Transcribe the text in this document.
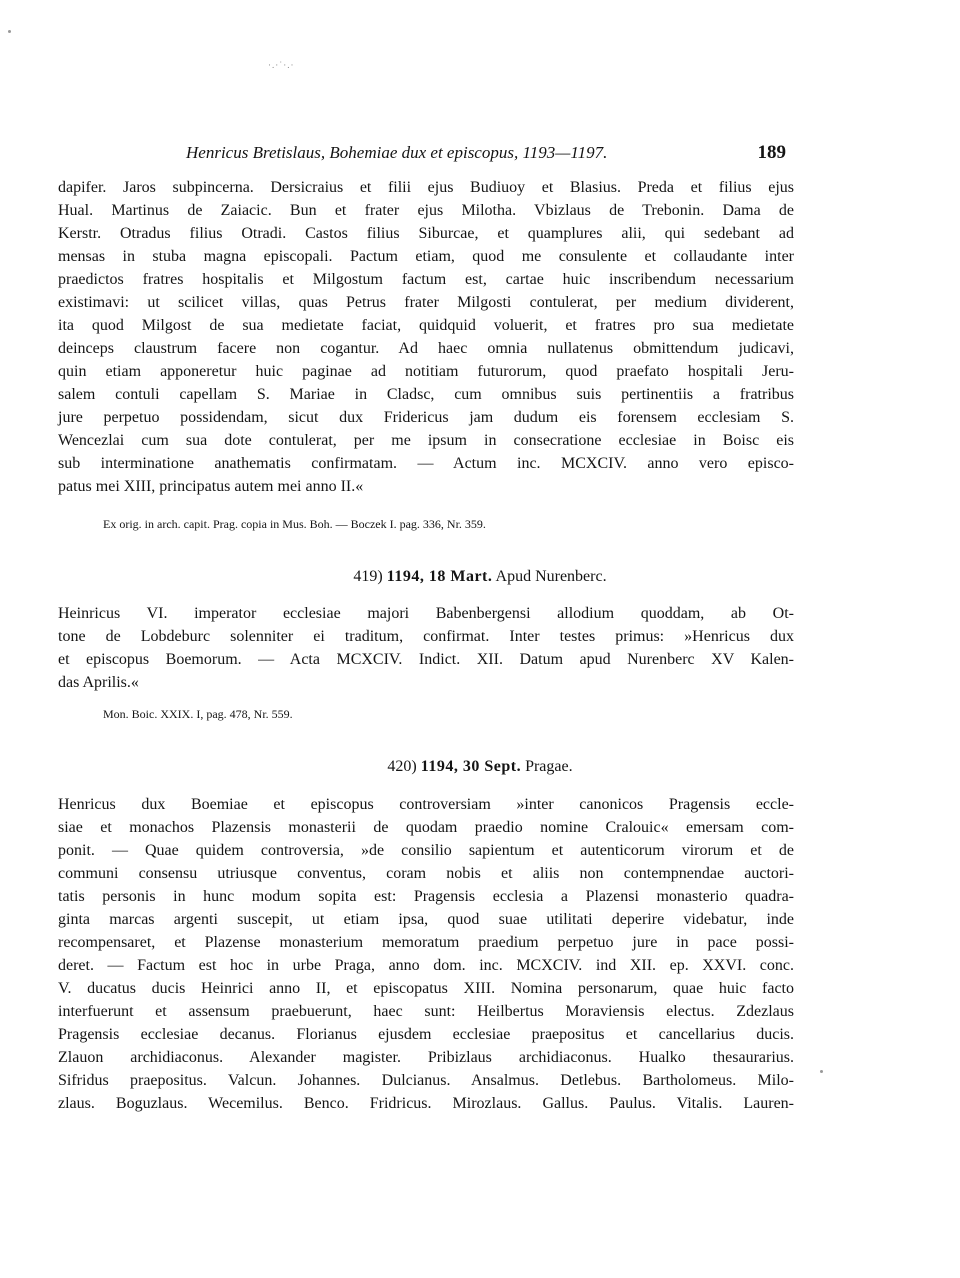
·.·˙·.·
Henricus Bretislaus, Bohemiae dux et episcopus, 1193—1197.	189
dapifer. Jaros subpincerna. Dersicraius et filii ejus Budiuoy et Blasius. Preda et filius ejus
Hual. Martinus de Zaiacic. Bun et frater ejus Milotha. Vbizlaus de Trebonin. Dama de
Kerstr. Otradus filius Otradi. Castos filius Siburcae, et quamplures alii, qui sedebant ad
mensas in stuba magna episcopali. Pactum etiam, quod me consulente et collaudante inter
praedictos fratres hospitalis et Milgostum factum est, cartae huic inscribendum necessarium
existimavi: ut scilicet villas, quas Petrus frater Milgosti contulerat, per medium dividerent,
ita quod Milgost de sua medietate faciat, quidquid voluerit, et fratres pro sua medietate
deinceps claustrum facere non cogantur. Ad haec omnia nullatenus obmittendum judicavi,
quin etiam apponeretur huic paginae ad notitiam futurorum, quod praefato hospitali Jeru-
salem contuli capellam S. Mariae in Cladsc, cum omnibus suis pertinentiis a fratribus
jure perpetuo possidendam, sicut dux Fridericus jam dudum eis forensem ecclesiam S.
Wencezlai cum sua dote contulerat, per me ipsum in consecratione ecclesiae in Boisc eis
sub interminatione anathematis confirmatam. — Actum inc. MCXCIV. anno vero episco-
patus mei XIII, principatus autem mei anno II.«
Ex orig. in arch. capit. Prag. copia in Mus. Boh. — Boczek I. pag. 336, Nr. 359.
419) 1194, 18 Mart. Apud Nurenberc.
Heinricus VI. imperator ecclesiae majori Babenbergensi allodium quoddam, ab Ot-
tone de Lobdeburc solenniter ei traditum, confirmat. Inter testes primus: »Henricus dux
et episcopus Boemorum. — Acta MCXCIV. Indict. XII. Datum apud Nurenberc XV Kalen-
das Aprilis.«
Mon. Boic. XXIX. I, pag. 478, Nr. 559.
420) 1194, 30 Sept. Pragae.
Henricus dux Boemiae et episcopus controversiam »inter canonicos Pragensis eccle-
siae et monachos Plazensis monasterii de quodam praedio nomine Cralouic« emersam com-
ponit. — Quae quidem controversia, »de consilio sapientum et autenticorum virorum et de
communi consensu utriusque conventus, coram nobis et aliis non contempnendae auctori-
tatis personis in hunc modum sopita est: Pragensis ecclesia a Plazensi monasterio quadra-
ginta marcas argenti suscepit, ut etiam ipsa, quod suae utilitati deperire videbatur, inde
recompensaret, et Plazense monasterium memoratum praedium perpetuo jure in pace possi-
deret. — Factum est hoc in urbe Praga, anno dom. inc. MCXCIV. ind XII. ep. XXVI. conc.
V. ducatus ducis Heinrici anno II, et episcopatus XIII. Nomina personarum, quae huic facto
interfuerunt et assensum praebuerunt, haec sunt: Heilbertus Moraviensis electus. Zdezlaus
Pragensis ecclesiae decanus. Florianus ejusdem ecclesiae praepositus et cancellarius ducis.
Zlauon archidiaconus. Alexander magister. Pribizlaus archidiaconus. Hualko thesaurarius.
Sifridus praepositus. Valcun. Johannes. Dulcianus. Ansalmus. Detlebus. Bartholomeus. Milo-
zlaus. Boguzlaus. Wecemilus. Benco. Fridricus. Mirozlaus. Gallus. Paulus. Vitalis. Lauren-
